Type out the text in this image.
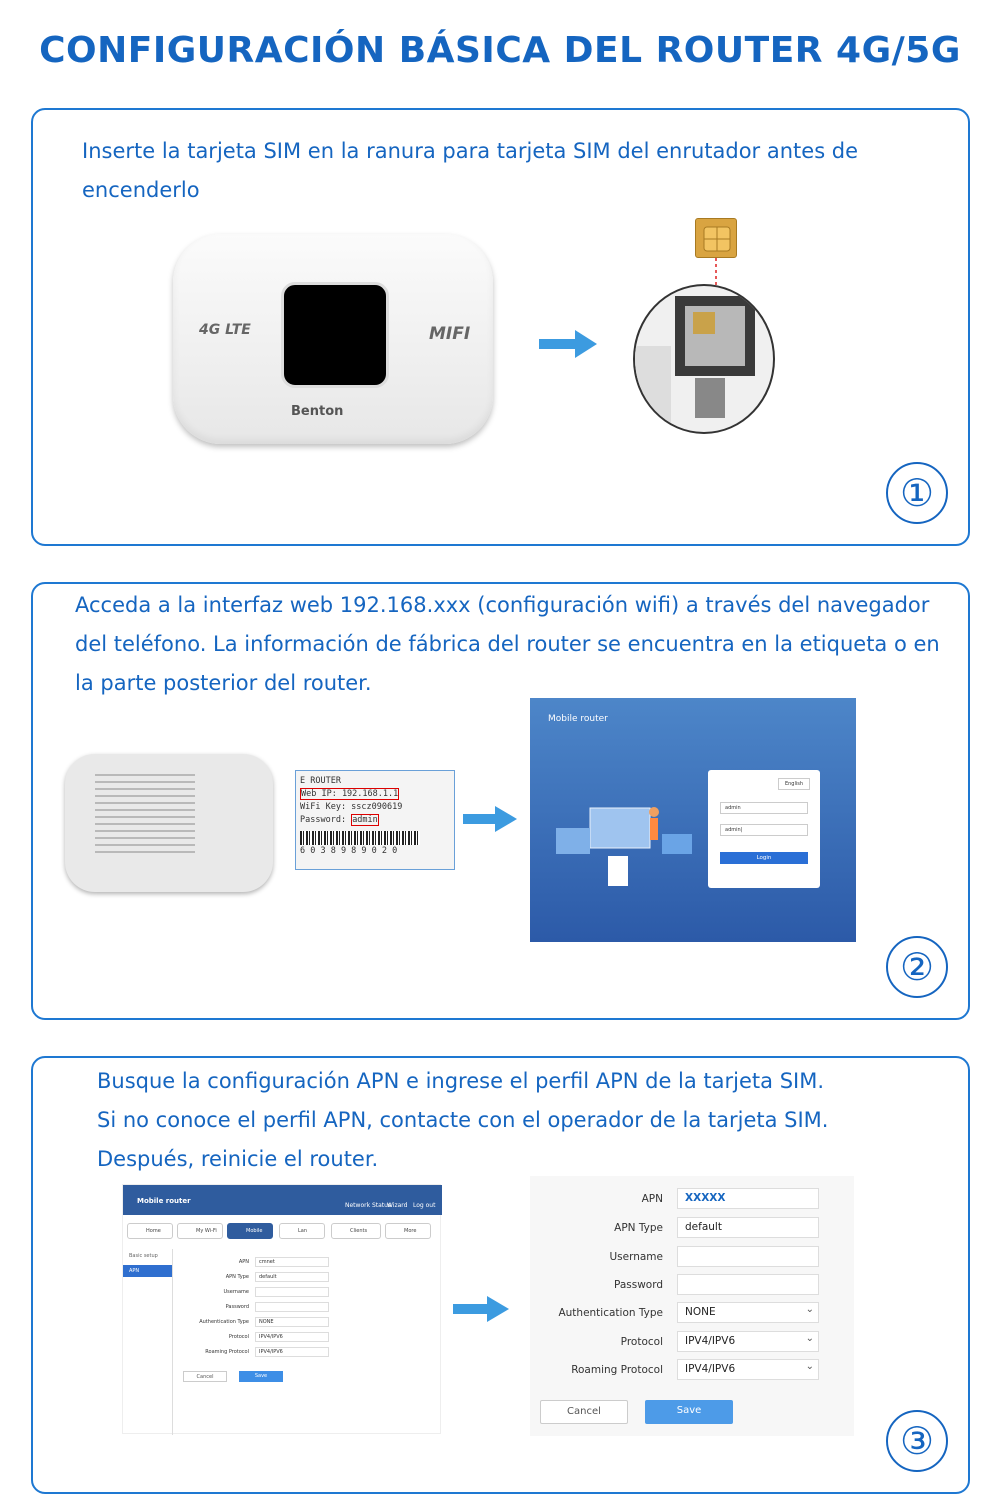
CONFIGURACIÓN BÁSICA DEL ROUTER 4G/5G
Inserte la tarjeta SIM en la ranura para tarjeta SIM del enrutador antes de encenderlo
4G LTE	MIFI
Benton
①
Acceda a la interfaz web 192.168.xxx (configuración wifi) a través del navegador del teléfono. La información de fábrica del router se encuentra en la etiqueta o en la parte posterior del router.
E ROUTER
Web IP: 192.168.1.1
WiFi Key: sscz090619
Password: admin
6 0 3 8 9 8 9 0 2 0
Mobile router
English
admin
admin|
Login
②
Busque la configuración APN e ingrese el perfil APN de la tarjeta SIM.
Si no conoce el perfil APN, contacte con el operador de la tarjeta SIM.
Después, reinicie el router.
Mobile router
Network Status
Wizard Log out
Home	My Wi-Fi	Mobile	Lan	Clients	More
Basic setup
APN
APN	cmnet
APN Type	default
Username
Password
Authentication Type	NONE
Protocol	IPV4/IPV6
Roaming Protocol	IPV4/IPV6
Cancel	Save
APN	XXXXX
APN Type	default
Username
Password
Authentication Type	NONE ⌄
Protocol	IPV4/IPV6 ⌄
Roaming Protocol	IPV4/IPV6 ⌄
Cancel	Save
③
